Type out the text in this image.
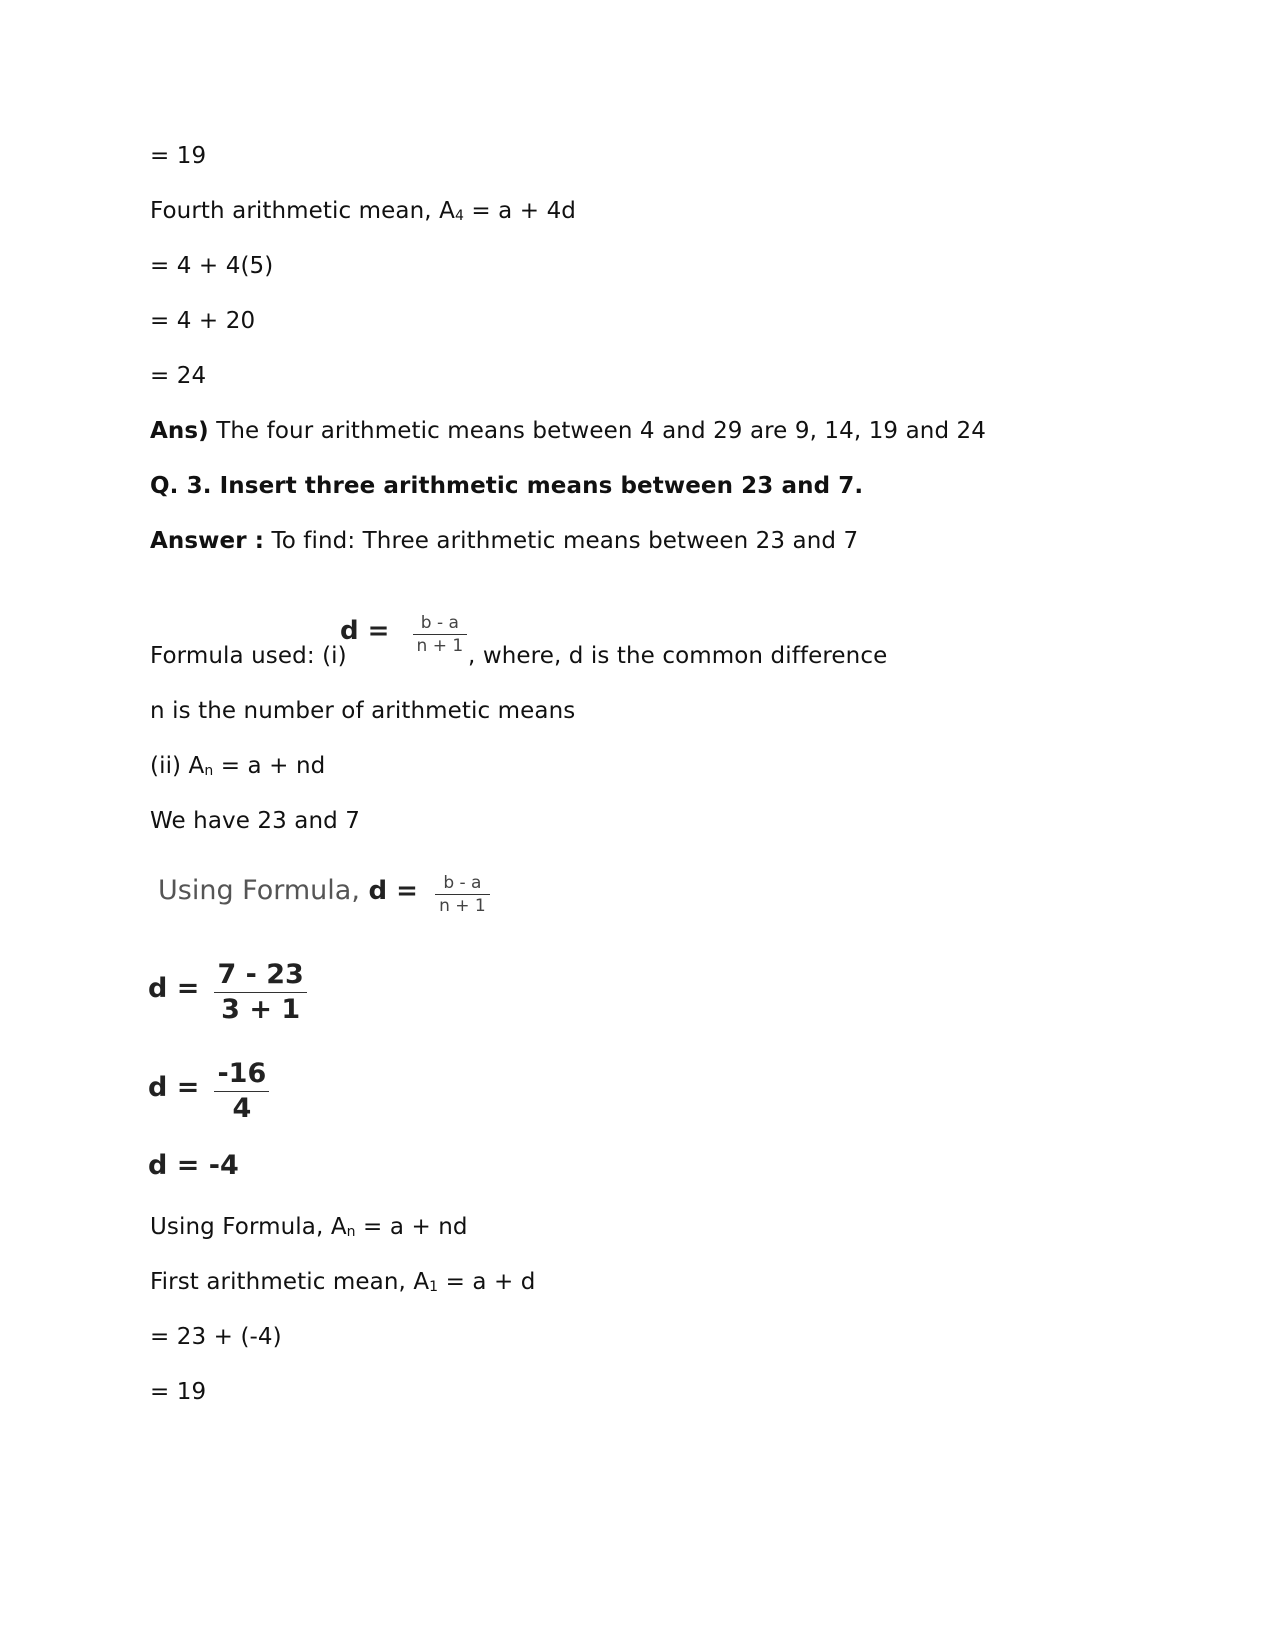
= 19
Fourth arithmetic mean, $A_4 = a + 4d$
= 4 + 4(5)
= 4 + 20
= 24
Ans) The four arithmetic means between 4 and 29 are 9, 14, 19 and 24
Q. 3. Insert three arithmetic means between 23 and 7.
Answer : To find: Three arithmetic means between 23 and 7
Formula used: (i)
$d = \frac{b - a}{n + 1}$ , where, d is the common difference
n is the number of arithmetic means
(ii) $A_n = a$ + nd
We have 23 and 7
Using Formula, $d = \frac{b - a}{n + 1}$
$d = \frac{7 - 23}{3 + 1}$
$d = \frac{-16}{4}$
d = -4
Using Formula, $A_n = a$ + nd
First arithmetic mean, $A_1 = a + d$
= 23 + (-4)
= 19
